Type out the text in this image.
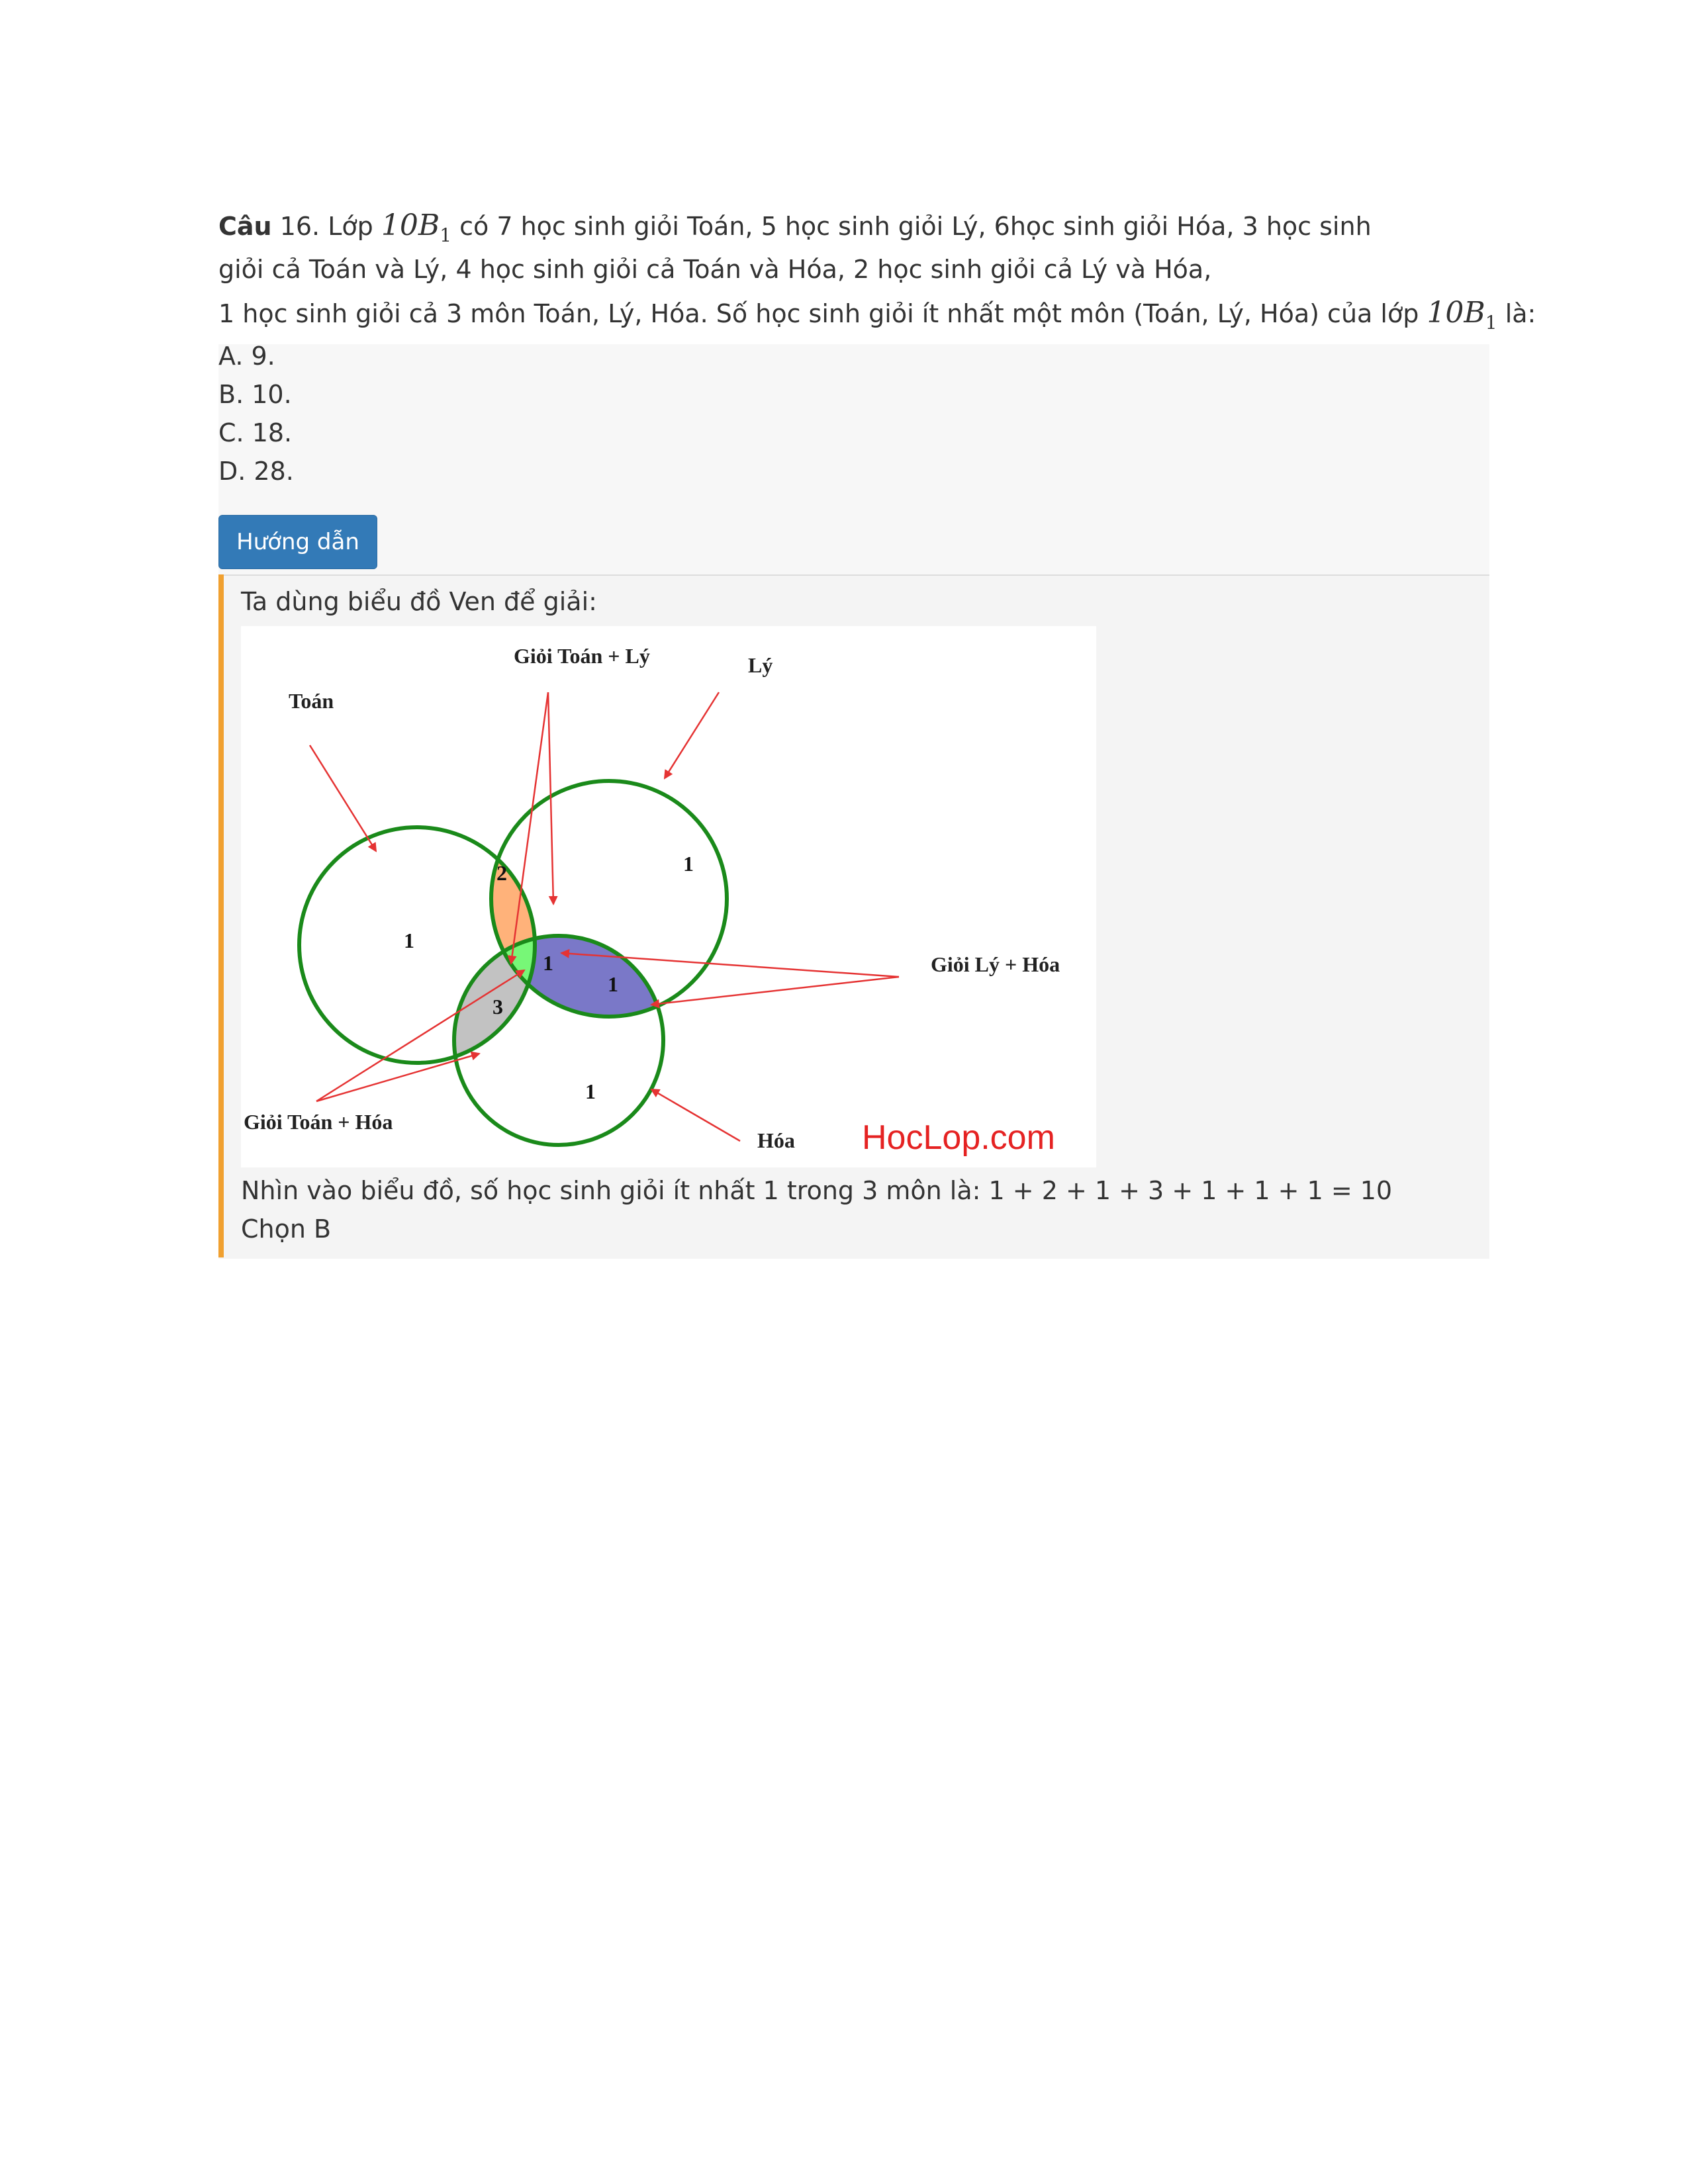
Câu 16. Lớp $10B_1$ có 7 học sinh giỏi Toán, 5 học sinh giỏi Lý, 6học sinh giỏi Hóa, 3 học sinh
giỏi cả Toán và Lý, 4 học sinh giỏi cả Toán và Hóa, 2 học sinh giỏi cả Lý và Hóa,
1 học sinh giỏi cả 3 môn Toán, Lý, Hóa. Số học sinh giỏi ít nhất một môn (Toán, Lý, Hóa) của lớp $10B_1$ là:
A. 9.
B. 10.
C. 18.
D. 28.
Hướng dẫn
Ta dùng biểu đồ Ven để giải:
Toán
Giỏi Toán + Lý	Lý
Giỏi Lý + Hóa
Giỏi Toán + Hóa
Hóa
1
2	1
1
1
3
1
HocLop.com
Nhìn vào biểu đồ, số học sinh giỏi ít nhất 1 trong 3 môn là: 1 + 2 + 1 + 3 + 1 + 1 + 1 = 10
Chọn B
